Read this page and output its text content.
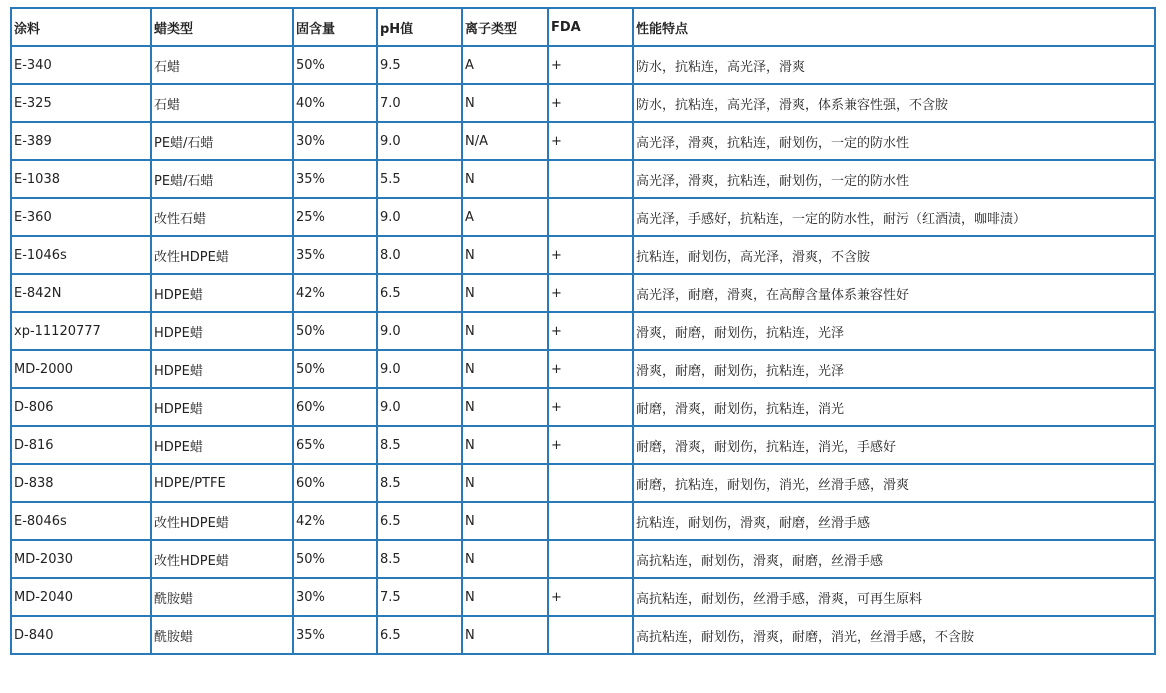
涂料	蜡类型	固含量	pH值	离子类型	FDA	性能特点
E-340	石蜡	50%	9.5	A	+	防水，抗粘连，高光泽，滑爽
E-325	石蜡	40%	7.0	N	+	防水，抗粘连，高光泽，滑爽，体系兼容性强，不含胺
E-389	PE蜡/石蜡	30%	9.0	N/A	+	高光泽，滑爽，抗粘连，耐划伤，一定的防水性
E-1038	PE蜡/石蜡	35%	5.5	N		高光泽，滑爽，抗粘连，耐划伤，一定的防水性
E-360	改性石蜡	25%	9.0	A		高光泽，手感好，抗粘连，一定的防水性，耐污（红酒渍，咖啡渍）
E-1046s	改性HDPE蜡	35%	8.0	N	+	抗粘连，耐划伤，高光泽，滑爽，不含胺
E-842N	HDPE蜡	42%	6.5	N	+	高光泽，耐磨，滑爽，在高醇含量体系兼容性好
xp-11120777	HDPE蜡	50%	9.0	N	+	滑爽，耐磨，耐划伤，抗粘连，光泽
MD-2000	HDPE蜡	50%	9.0	N	+	滑爽，耐磨，耐划伤，抗粘连，光泽
D-806	HDPE蜡	60%	9.0	N	+	耐磨，滑爽，耐划伤，抗粘连，消光
D-816	HDPE蜡	65%	8.5	N	+	耐磨，滑爽，耐划伤，抗粘连，消光，手感好
D-838	HDPE/PTFE	60%	8.5	N		耐磨，抗粘连，耐划伤，消光，丝滑手感，滑爽
E-8046s	改性HDPE蜡	42%	6.5	N		抗粘连，耐划伤，滑爽，耐磨，丝滑手感
MD-2030	改性HDPE蜡	50%	8.5	N		高抗粘连，耐划伤，滑爽，耐磨，丝滑手感
MD-2040	酰胺蜡	30%	7.5	N	+	高抗粘连，耐划伤，丝滑手感，滑爽，可再生原料
D-840	酰胺蜡	35%	6.5	N		高抗粘连，耐划伤，滑爽，耐磨，消光，丝滑手感，不含胺
